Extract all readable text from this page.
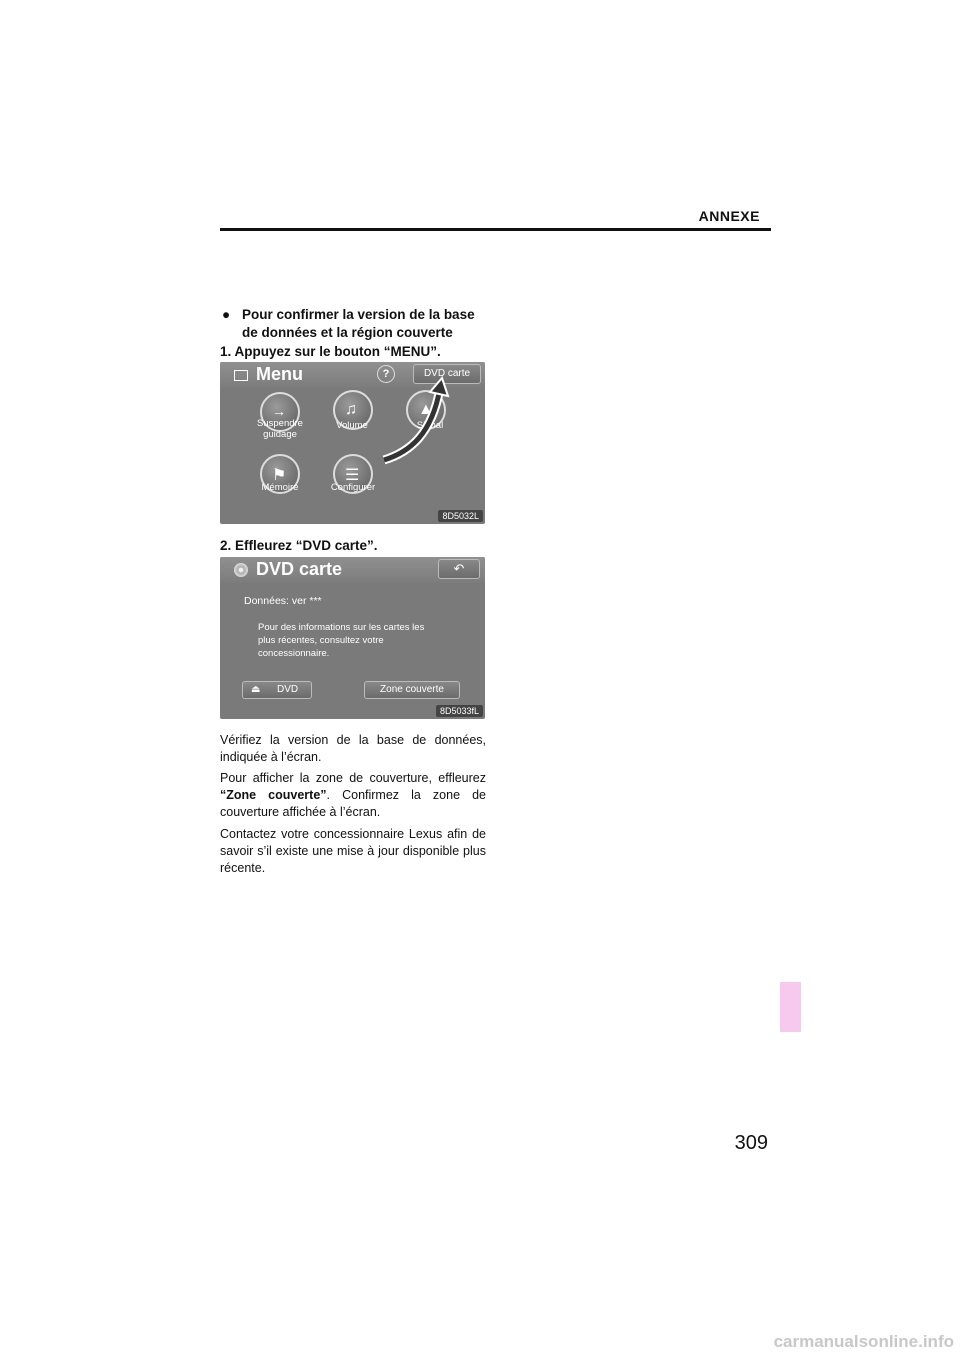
ANNEXE
● Pour confirmer la version de la base de données et la région couverte
1. Appuyez sur le bouton “MENU”.
Menu	?	DVD carte
→
Suspendre guidage
♫
Volume
▲
Signal
⚑
Mémoire
☰
Configurer
8D5032L
2. Effleurez “DVD carte”.
DVD carte	↶
Données: ver ***
Pour des informations sur les cartes les plus récentes, consultez votre concessionnaire.
⏏ DVD	Zone couverte
8D5033fL
Vérifiez la version de la base de données, indiquée à l’écran.
Pour afficher la zone de couverture, effleurez “Zone couverte”. Confirmez la zone de couverture affichée à l’écran.
Contactez votre concessionnaire Lexus afin de savoir s’il existe une mise à jour disponible plus récente.
309
carmanualsonline.info
